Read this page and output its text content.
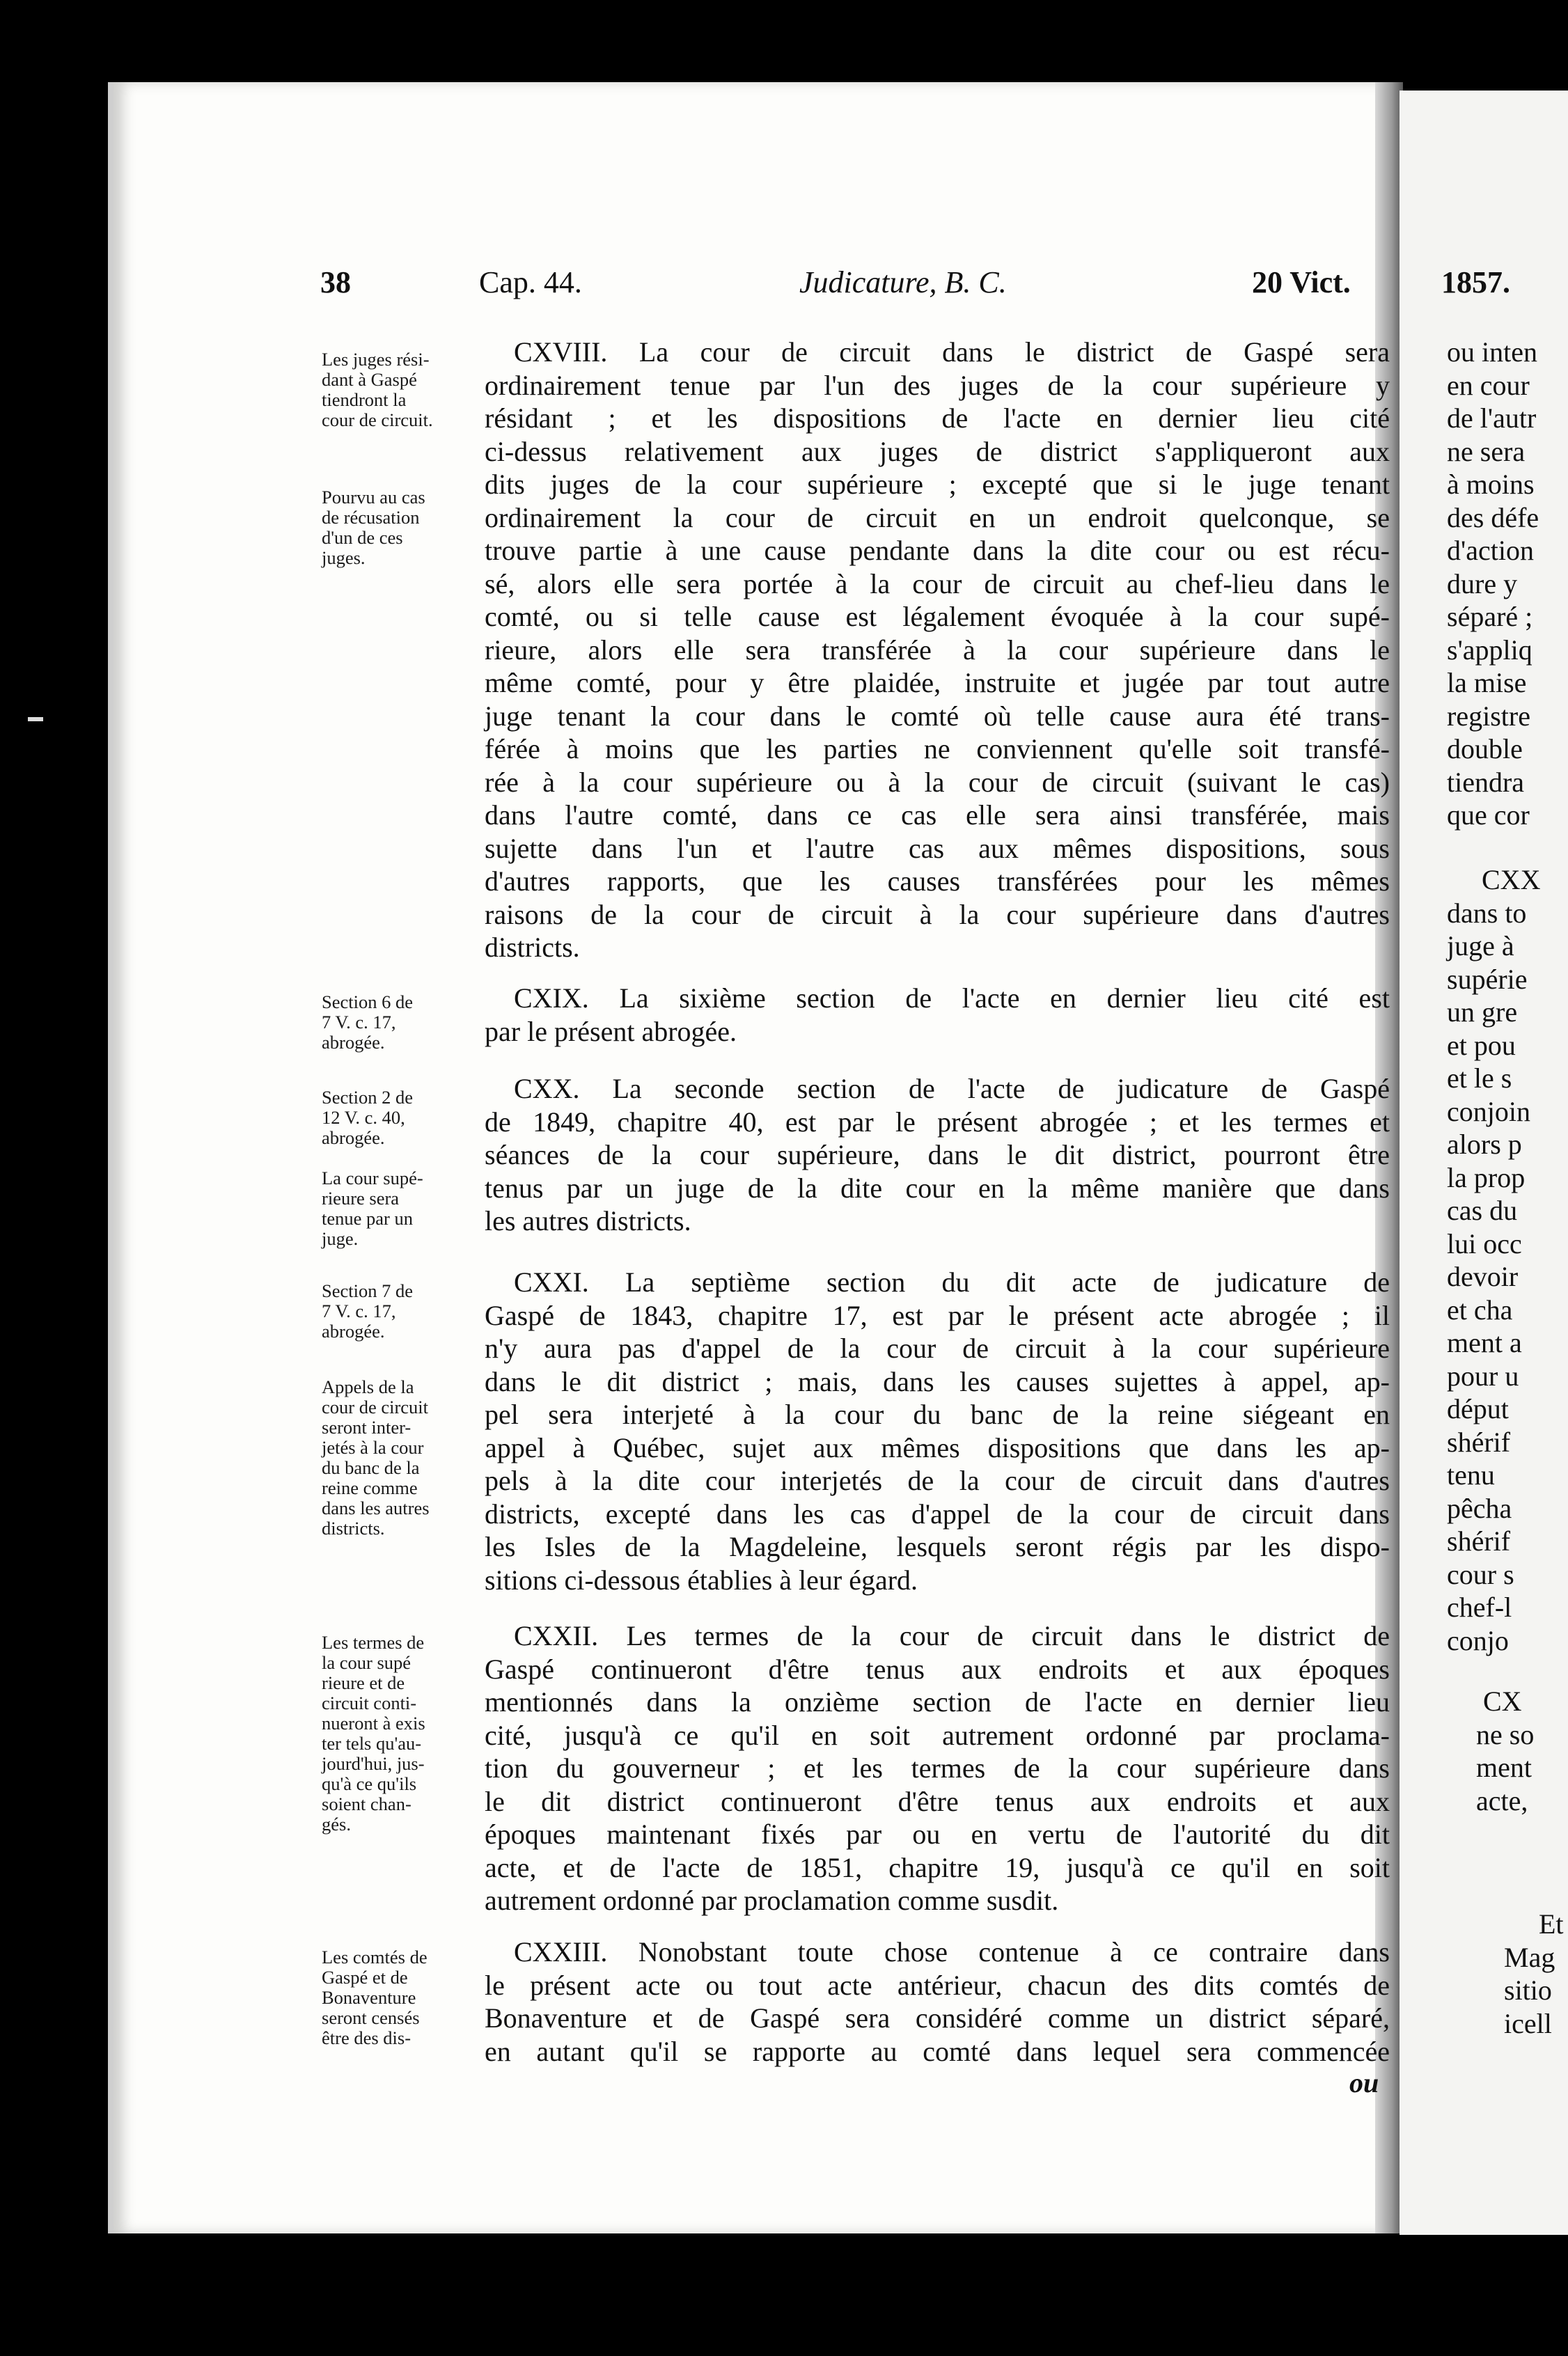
38	Cap. 44.	Judicature, B. C.	20 Vict.
Les juges rési-
dant à Gaspé
tiendront la
cour de circuit.
Pourvu au cas
de récusation
d'un de ces
juges.
Section 6 de
7 V. c. 17,
abrogée.
Section 2 de
12 V. c. 40,
abrogée.
La cour supé-
rieure sera
tenue par un
juge.
Section 7 de
7 V. c. 17,
abrogée.
Appels de la
cour de circuit
seront inter-
jetés à la cour
du banc de la
reine comme
dans les autres
districts.
Les termes de
la cour supé
rieure et de
circuit conti-
nueront à exis
ter tels qu'au-
jourd'hui, jus-
qu'à ce qu'ils
soient chan-
gés.
Les comtés de
Gaspé et de
Bonaventure
seront censés
être des dis-
CXVIII. La cour de circuit dans le district de Gaspé sera
ordinairement tenue par l'un des juges de la cour supérieure y
résidant ; et les dispositions de l'acte en dernier lieu cité
ci-dessus relativement aux juges de district s'appliqueront aux
dits juges de la cour supérieure ; excepté que si le juge tenant
ordinairement la cour de circuit en un endroit quelconque, se
trouve partie à une cause pendante dans la dite cour ou est récu-
sé, alors elle sera portée à la cour de circuit au chef-lieu dans le
comté, ou si telle cause est légalement évoquée à la cour supé-
rieure, alors elle sera transférée à la cour supérieure dans le
même comté, pour y être plaidée, instruite et jugée par tout autre
juge tenant la cour dans le comté où telle cause aura été trans-
férée à moins que les parties ne conviennent qu'elle soit transfé-
rée à la cour supérieure ou à la cour de circuit (suivant le cas)
dans l'autre comté, dans ce cas elle sera ainsi transférée, mais
sujette dans l'un et l'autre cas aux mêmes dispositions, sous
d'autres rapports, que les causes transférées pour les mêmes
raisons de la cour de circuit à la cour supérieure dans d'autres
districts.
CXIX. La sixième section de l'acte en dernier lieu cité est
par le présent abrogée.
CXX. La seconde section de l'acte de judicature de Gaspé
de 1849, chapitre 40, est par le présent abrogée ; et les termes et
séances de la cour supérieure, dans le dit district, pourront être
tenus par un juge de la dite cour en la même manière que dans
les autres districts.
CXXI. La septième section du dit acte de judicature de
Gaspé de 1843, chapitre 17, est par le présent acte abrogée ; il
n'y aura pas d'appel de la cour de circuit à la cour supérieure
dans le dit district ; mais, dans les causes sujettes à appel, ap-
pel sera interjeté à la cour du banc de la reine siégeant en
appel à Québec, sujet aux mêmes dispositions que dans les ap-
pels à la dite cour interjetés de la cour de circuit dans d'autres
districts, excepté dans les cas d'appel de la cour de circuit dans
les Isles de la Magdeleine, lesquels seront régis par les dispo-
sitions ci-dessous établies à leur égard.
CXXII. Les termes de la cour de circuit dans le district de
Gaspé continueront d'être tenus aux endroits et aux époques
mentionnés dans la onzième section de l'acte en dernier lieu
cité, jusqu'à ce qu'il en soit autrement ordonné par proclama-
tion du gouverneur ; et les termes de la cour supérieure dans
le dit district continueront d'être tenus aux endroits et aux
époques maintenant fixés par ou en vertu de l'autorité du dit
acte, et de l'acte de 1851, chapitre 19, jusqu'à ce qu'il en soit
autrement ordonné par proclamation comme susdit.
CXXIII. Nonobstant toute chose contenue à ce contraire dans
le présent acte ou tout acte antérieur, chacun des dits comtés de
Bonaventure et de Gaspé sera considéré comme un district séparé,
en autant qu'il se rapporte au comté dans lequel sera commencée
ou
1857.
ou inten
en cour
de l'autr
ne sera
à moins
des défe
d'action
dure y
séparé ;
s'appliq
la mise
registre
double
tiendra
que cor
CXX
dans to
juge à
supérie
un gre
et pou
et le s
conjoin
alors p
la prop
cas du
lui occ
devoir
et cha
ment a
pour u
déput
shérif
tenu
pêcha
shérif
cour s
chef-l
conjo
CX
ne so
ment
acte,
Et
Mag
sitio
icell
